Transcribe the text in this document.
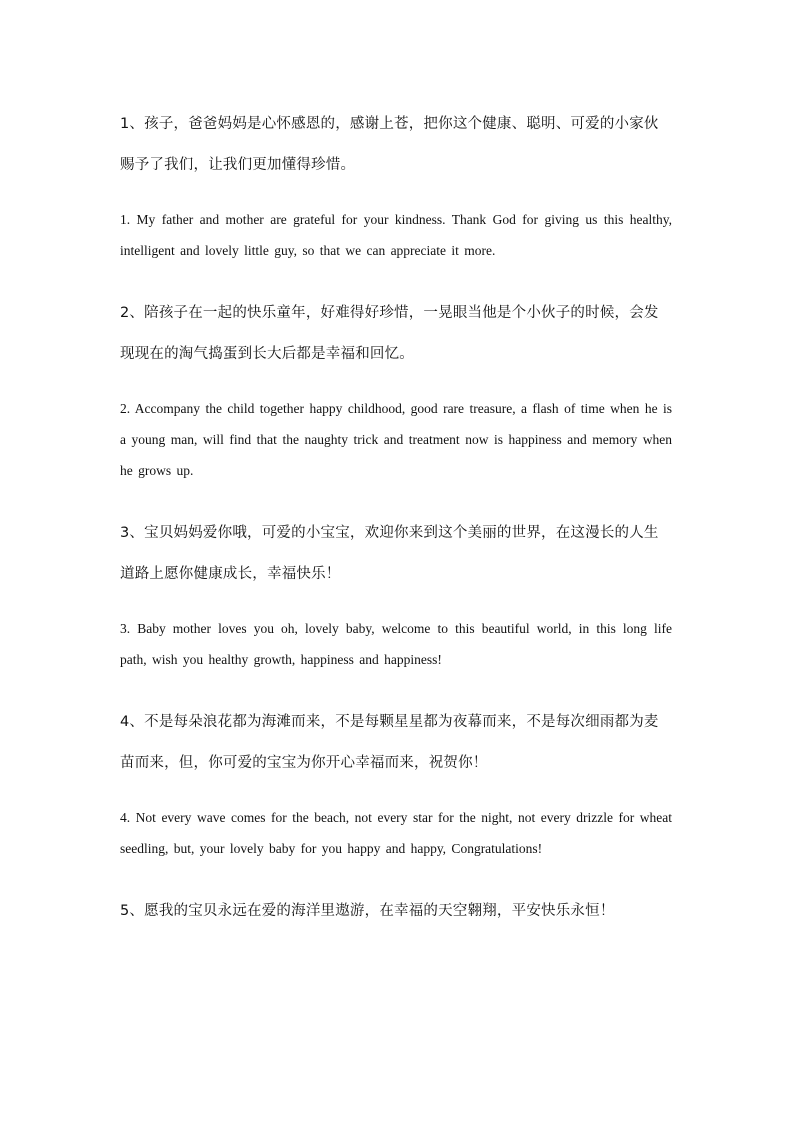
1、孩子，爸爸妈妈是心怀感恩的，感谢上苍，把你这个健康、聪明、可爱的小家伙赐予了我们，让我们更加懂得珍惜。

1. My father and mother are grateful for your kindness. Thank God for giving us this healthy, intelligent and lovely little guy, so that we can appreciate it more.

2、陪孩子在一起的快乐童年，好难得好珍惜，一晃眼当他是个小伙子的时候，会发现现在的淘气捣蛋到长大后都是幸福和回忆。

2. Accompany the child together happy childhood, good rare treasure, a flash of time when he is a young man, will find that the naughty trick and treatment now is happiness and memory when he grows up.

3、宝贝妈妈爱你哦，可爱的小宝宝，欢迎你来到这个美丽的世界，在这漫长的人生道路上愿你健康成长，幸福快乐！

3. Baby mother loves you oh, lovely baby, welcome to this beautiful world, in this long life path, wish you healthy growth, happiness and happiness!

4、不是每朵浪花都为海滩而来，不是每颗星星都为夜幕而来，不是每次细雨都为麦苗而来，但，你可爱的宝宝为你开心幸福而来，祝贺你！

4. Not every wave comes for the beach, not every star for the night, not every drizzle for wheat seedling, but, your lovely baby for you happy and happy, Congratulations!

5、愿我的宝贝永远在爱的海洋里遨游，在幸福的天空翱翔，平安快乐永恒！
